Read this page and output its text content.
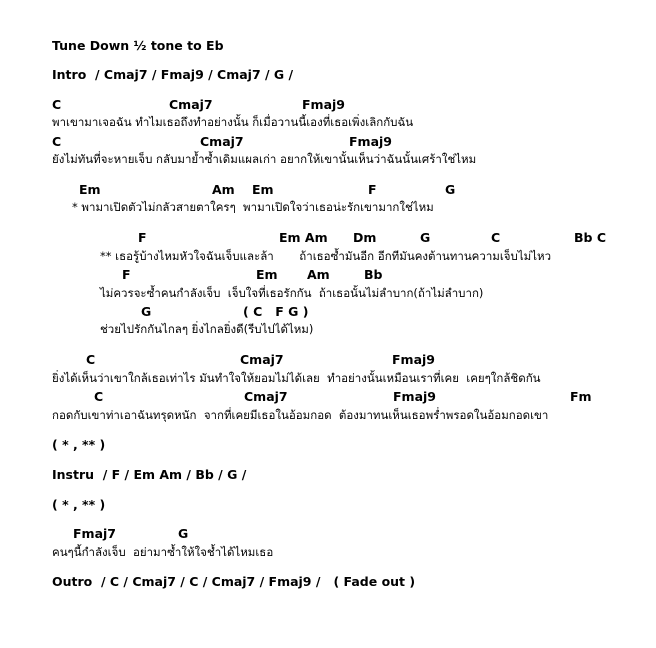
Tune Down ½ tone to Eb
Intro  / Cmaj7 / Fmaj9 / Cmaj7 / G /
C	Cmaj7	Fmaj9
พาเขามาเจอฉัน ทำไมเธอถึงทำอย่างนั้น ก็เมื่อวานนี้เองที่เธอเพิ่งเลิกกับฉัน
C	Cmaj7	Fmaj9
ยังไม่ทันที่จะหายเจ็บ กลับมาย้ำซ้ำเดิมแผลเก่า อยากให้เขานั้นเห็นว่าฉันนั้นเศร้าใช่ไหม
Em	Am Em	F	G
* พามาเปิดตัวไม่กลัวสายตาใครๆ  พามาเปิดใจว่าเธอน่ะรักเขามากใช่ไหม
F	Em Am Dm	G	C	Bb C
** เธอรู้บ้างไหมหัวใจฉันเจ็บและล้า       ถ้าเธอซ้ำมันอีก อีกทีมันคงต้านทานความเจ็บไม่ไหว
F	Em Am	Bb
ไม่ควรจะซ้ำคนกำลังเจ็บ  เจ็บใจที่เธอรักกัน  ถ้าเธอนั้นไม่ลำบาก(ถ้าไม่ลำบาก)
G	( C   F G )
ช่วยไปรักกันไกลๆ ยิ่งไกลยิ่งดี(รีบไปได้ไหม)
C	Cmaj7	Fmaj9
ยิ่งได้เห็นว่าเขาใกล้เธอเท่าไร มันทำใจให้ยอมไม่ได้เลย  ทำอย่างนั้นเหมือนเราที่เคย  เคยๆใกล้ชิดกัน
C	Cmaj7	Fmaj9	Fm
กอดกับเขาท่าเอาฉันทรุดหนัก  จากที่เคยมีเธอในอ้อมกอด  ต้องมาทนเห็นเธอพร่ำพรอดในอ้อมกอดเขา
( * , ** )
Instru  / F / Em Am / Bb / G /
( * , ** )
Fmaj7	G
คนๆนี้กำลังเจ็บ  อย่ามาซ้ำให้ใจช้ำได้ไหมเธอ
Outro  / C / Cmaj7 / C / Cmaj7 / Fmaj9 /   ( Fade out )
